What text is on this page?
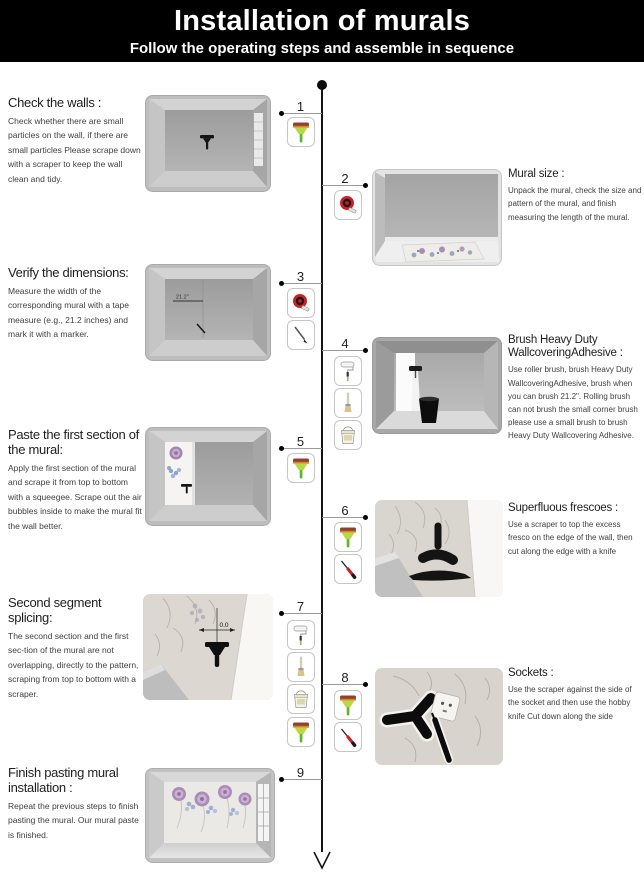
Installation of murals
Follow the operating steps and assemble in sequence
Check the walls :

Check whether there are small particles on the wall, if there are small particles Please scrape down with a scraper to keep the wall clean and tidy.

1
2	Mural size :

Unpack the mural, check the size and pattern of the mural, and finish measuring the length of the mural.

Verify the dimensions:

Measure the width of the corresponding mural with a tape measure (e.g., 21.2 inches) and mark it with a marker.

21.2"
3
4	Brush Heavy Duty WallcoveringAdhesive :

Use roller brush, brush Heavy Duty WallcoveringAdhesive, brush when you can brush 21.2". Rolling brush can not brush the small corner brush please use a small brush to brush Heavy Duty Wallcovering Adhesive.

Paste the first section of the mural:

Apply the first section of the mural and scrape it from top to bottom with a squeegee. Scrape out the air bubbles inside to make the mural fit the wall better.

5
6	Superfluous frescoes :

Use a scraper to top the excess fresco on the edge of the wall, then cut along the edge with a knife

Second segment splicing:

The second section and the first sec-tion of the mural are not overlapping, directly to the pattern, scraping from top to bottom with a scraper.

0.0
7
8	Sockets :

Use the scraper against the side of the socket and then use the hobby knife Cut down along the side

Finish pasting mural installation :

Repeat the previous steps to finish pasting the mural. Our mural paste is finished.

9
